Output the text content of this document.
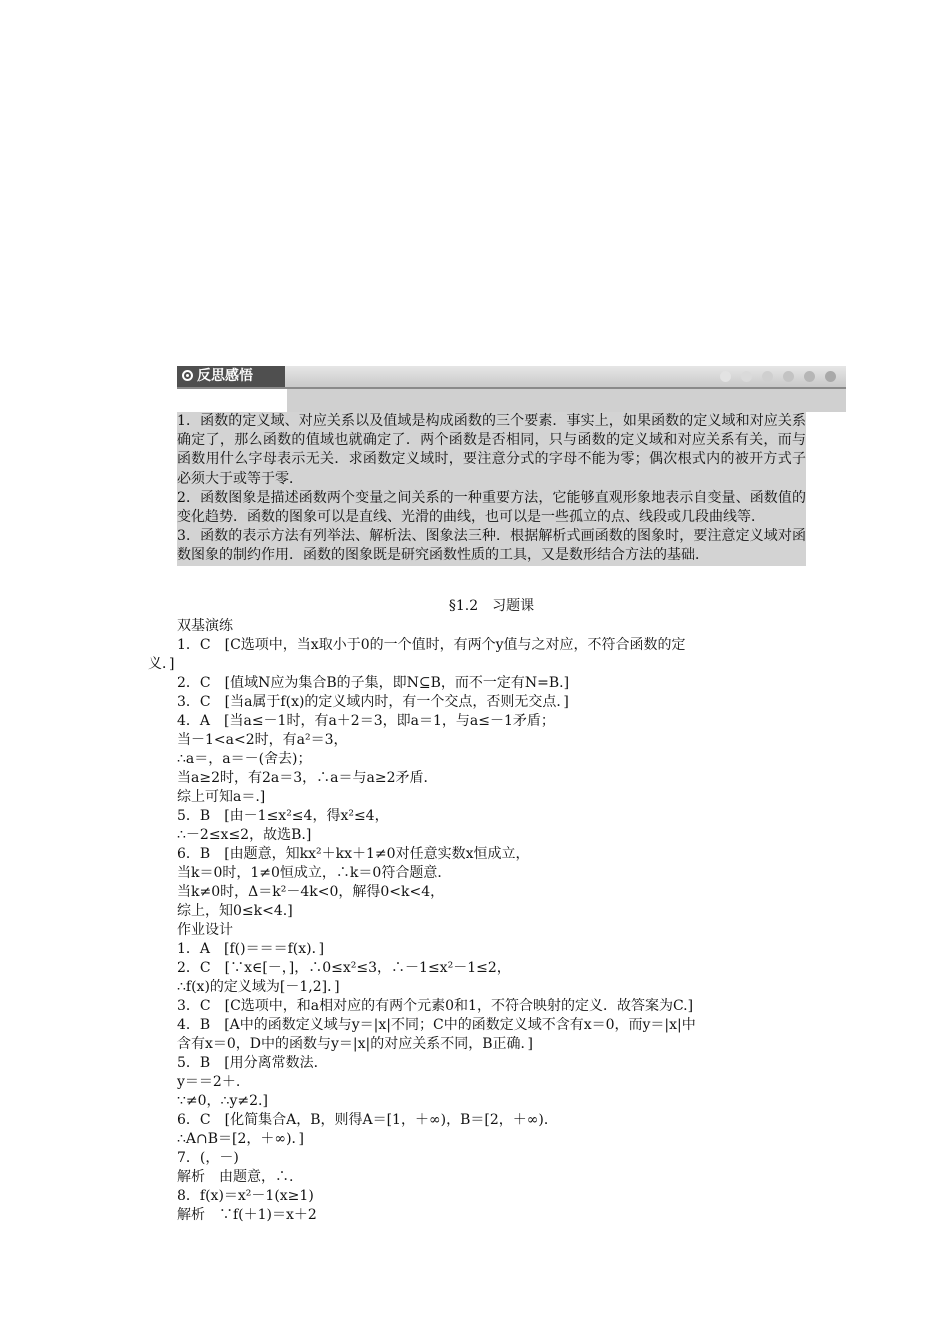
反思感悟

1．函数的定义域、对应关系以及值域是构成函数的三个要素．事实上，如果函数的定义域和对应关系确定了，那么函数的值域也就确定了．两个函数是否相同，只与函数的定义域和对应关系有关，而与函数用什么字母表示无关．求函数定义域时，要注意分式的字母不能为零；偶次根式内的被开方式子必须大于或等于零．

2．函数图象是描述函数两个变量之间关系的一种重要方法，它能够直观形象地表示自变量、函数值的变化趋势．函数的图象可以是直线、光滑的曲线，也可以是一些孤立的点、线段或几段曲线等．

3．函数的表示方法有列举法、解析法、图象法三种．根据解析式画函数的图象时，要注意定义域对函数图象的制约作用．函数的图象既是研究函数性质的工具，又是数形结合方法的基础．

§1.2　习题课
双基演练
1．C　[C选项中，当x取小于0的一个值时，有两个y值与之对应，不符合函数的定
义．]
2．C　[值域N应为集合B的子集，即N⊆B，而不一定有N=B.]
3．C　[当a属于f(x)的定义域内时，有一个交点，否则无交点．]
4．A　[当a≤－1时，有a＋2＝3，即a＝1，与a≤－1矛盾；
当－1<a<2时，有a²＝3，
∴a＝，a＝－(舍去)；
当a≥2时，有2a＝3，∴a＝与a≥2矛盾．
综上可知a＝.]
5．B　[由－1≤x²≤4，得x²≤4，
∴－2≤x≤2，故选B.]
6．B　[由题意，知kx²＋kx＋1≠0对任意实数x恒成立，
当k＝0时，1≠0恒成立，∴k＝0符合题意．
当k≠0时，Δ＝k²－4k<0，解得0<k<4，
综上，知0≤k<4.]
作业设计
1．A　[f()＝＝＝f(x)．]
2．C　[∵x∈[－，]，∴0≤x²≤3，∴－1≤x²－1≤2，
∴f(x)的定义域为[－1,2]．]
3．C　[C选项中，和a相对应的有两个元素0和1，不符合映射的定义．故答案为C.]
4．B　[A中的函数定义域与y＝|x|不同；C中的函数定义域不含有x＝0，而y＝|x|中
含有x＝0，D中的函数与y＝|x|的对应关系不同，B正确．]
5．B　[用分离常数法．
y＝＝2＋.
∵≠0，∴y≠2.]
6．C　[化简集合A，B，则得A＝[1，＋∞)，B＝[2，＋∞)．
∴A∩B＝[2，＋∞)．]
7．(，－)
解析　由题意，∴.
8．f(x)＝x²－1(x≥1)
解析　∵f(＋1)＝x＋2
